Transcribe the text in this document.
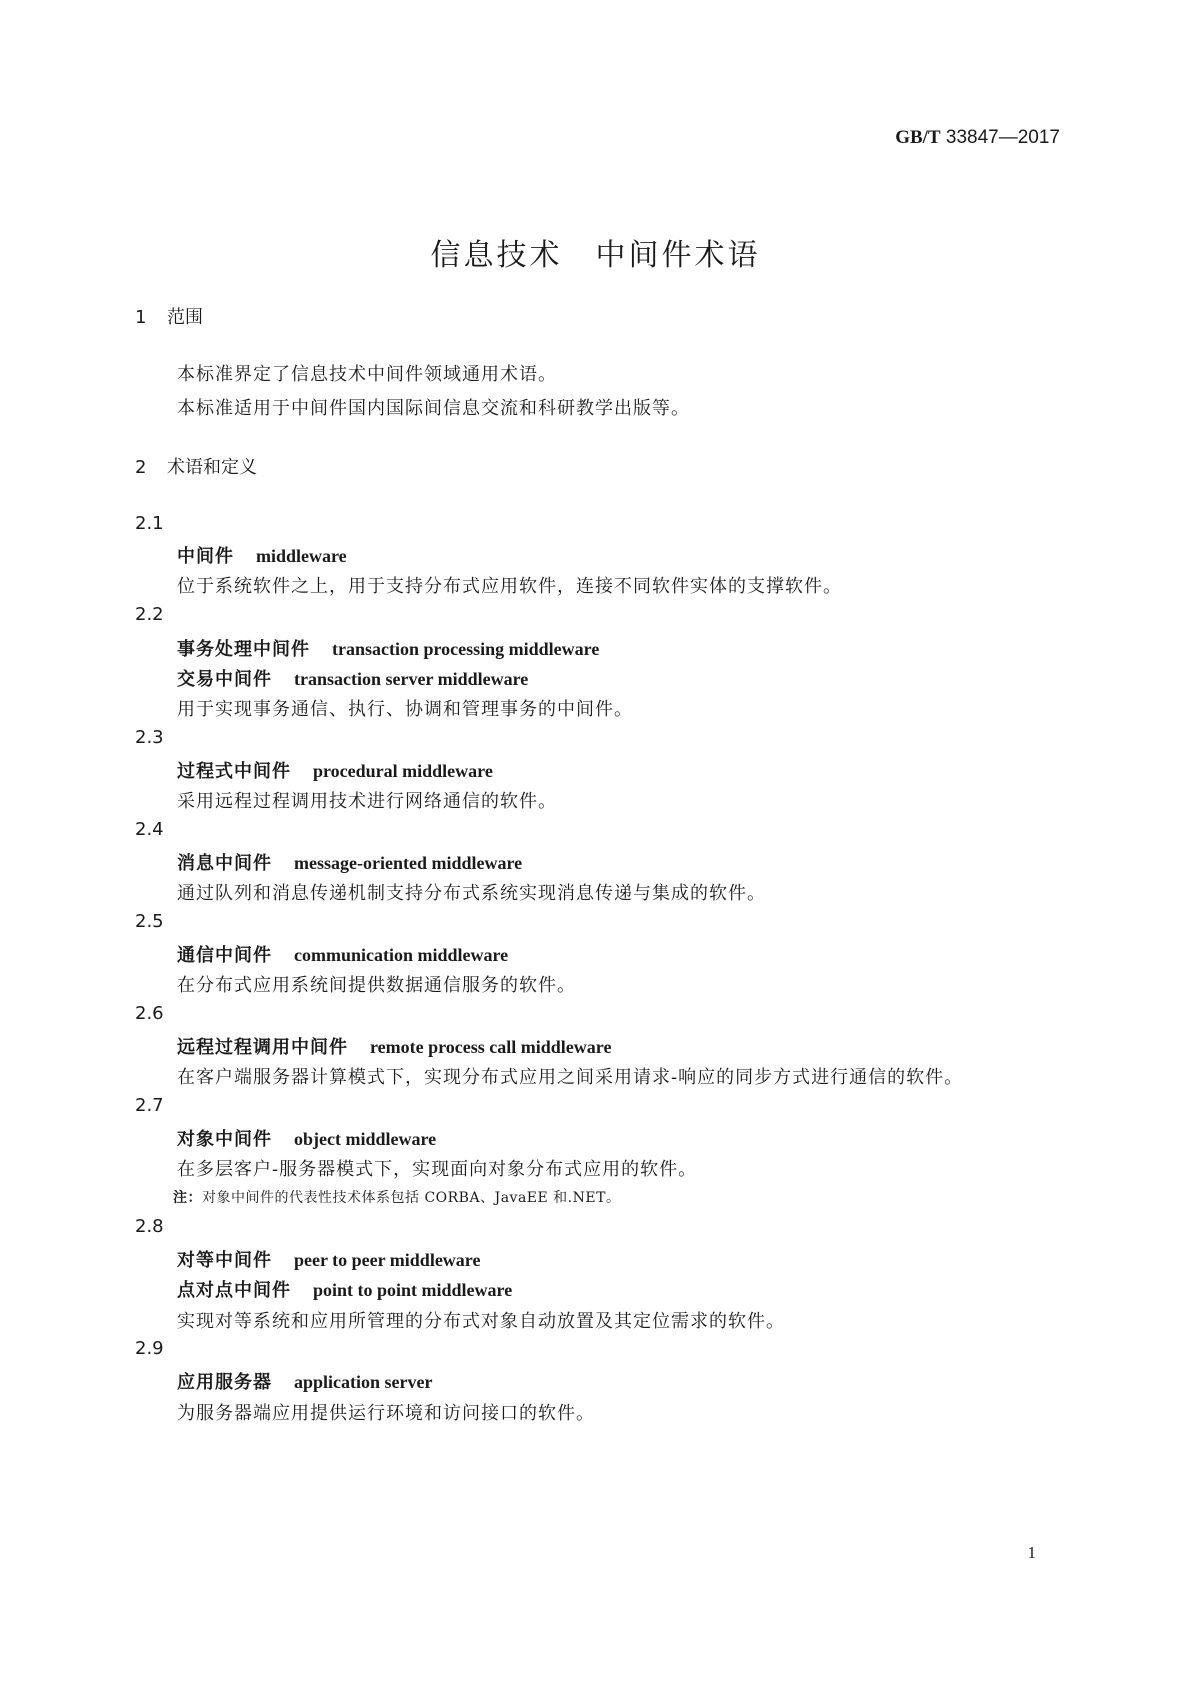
GB/T 33847—2017
信息技术　中间件术语
1 范围
本标准界定了信息技术中间件领域通用术语。
本标准适用于中间件国内国际间信息交流和科研教学出版等。
2 术语和定义
2.1
中间件 middleware
位于系统软件之上，用于支持分布式应用软件，连接不同软件实体的支撑软件。
2.2
事务处理中间件 transaction processing middleware
交易中间件 transaction server middleware
用于实现事务通信、执行、协调和管理事务的中间件。
2.3
过程式中间件 procedural middleware
采用远程过程调用技术进行网络通信的软件。
2.4
消息中间件 message-oriented middleware
通过队列和消息传递机制支持分布式系统实现消息传递与集成的软件。
2.5
通信中间件 communication middleware
在分布式应用系统间提供数据通信服务的软件。
2.6
远程过程调用中间件 remote process call middleware
在客户端服务器计算模式下，实现分布式应用之间采用请求-响应的同步方式进行通信的软件。
2.7
对象中间件 object middleware
在多层客户-服务器模式下，实现面向对象分布式应用的软件。
注：对象中间件的代表性技术体系包括 CORBA、JavaEE 和.NET。
2.8
对等中间件 peer to peer middleware
点对点中间件 point to point middleware
实现对等系统和应用所管理的分布式对象自动放置及其定位需求的软件。
2.9
应用服务器 application server
为服务器端应用提供运行环境和访问接口的软件。
1
